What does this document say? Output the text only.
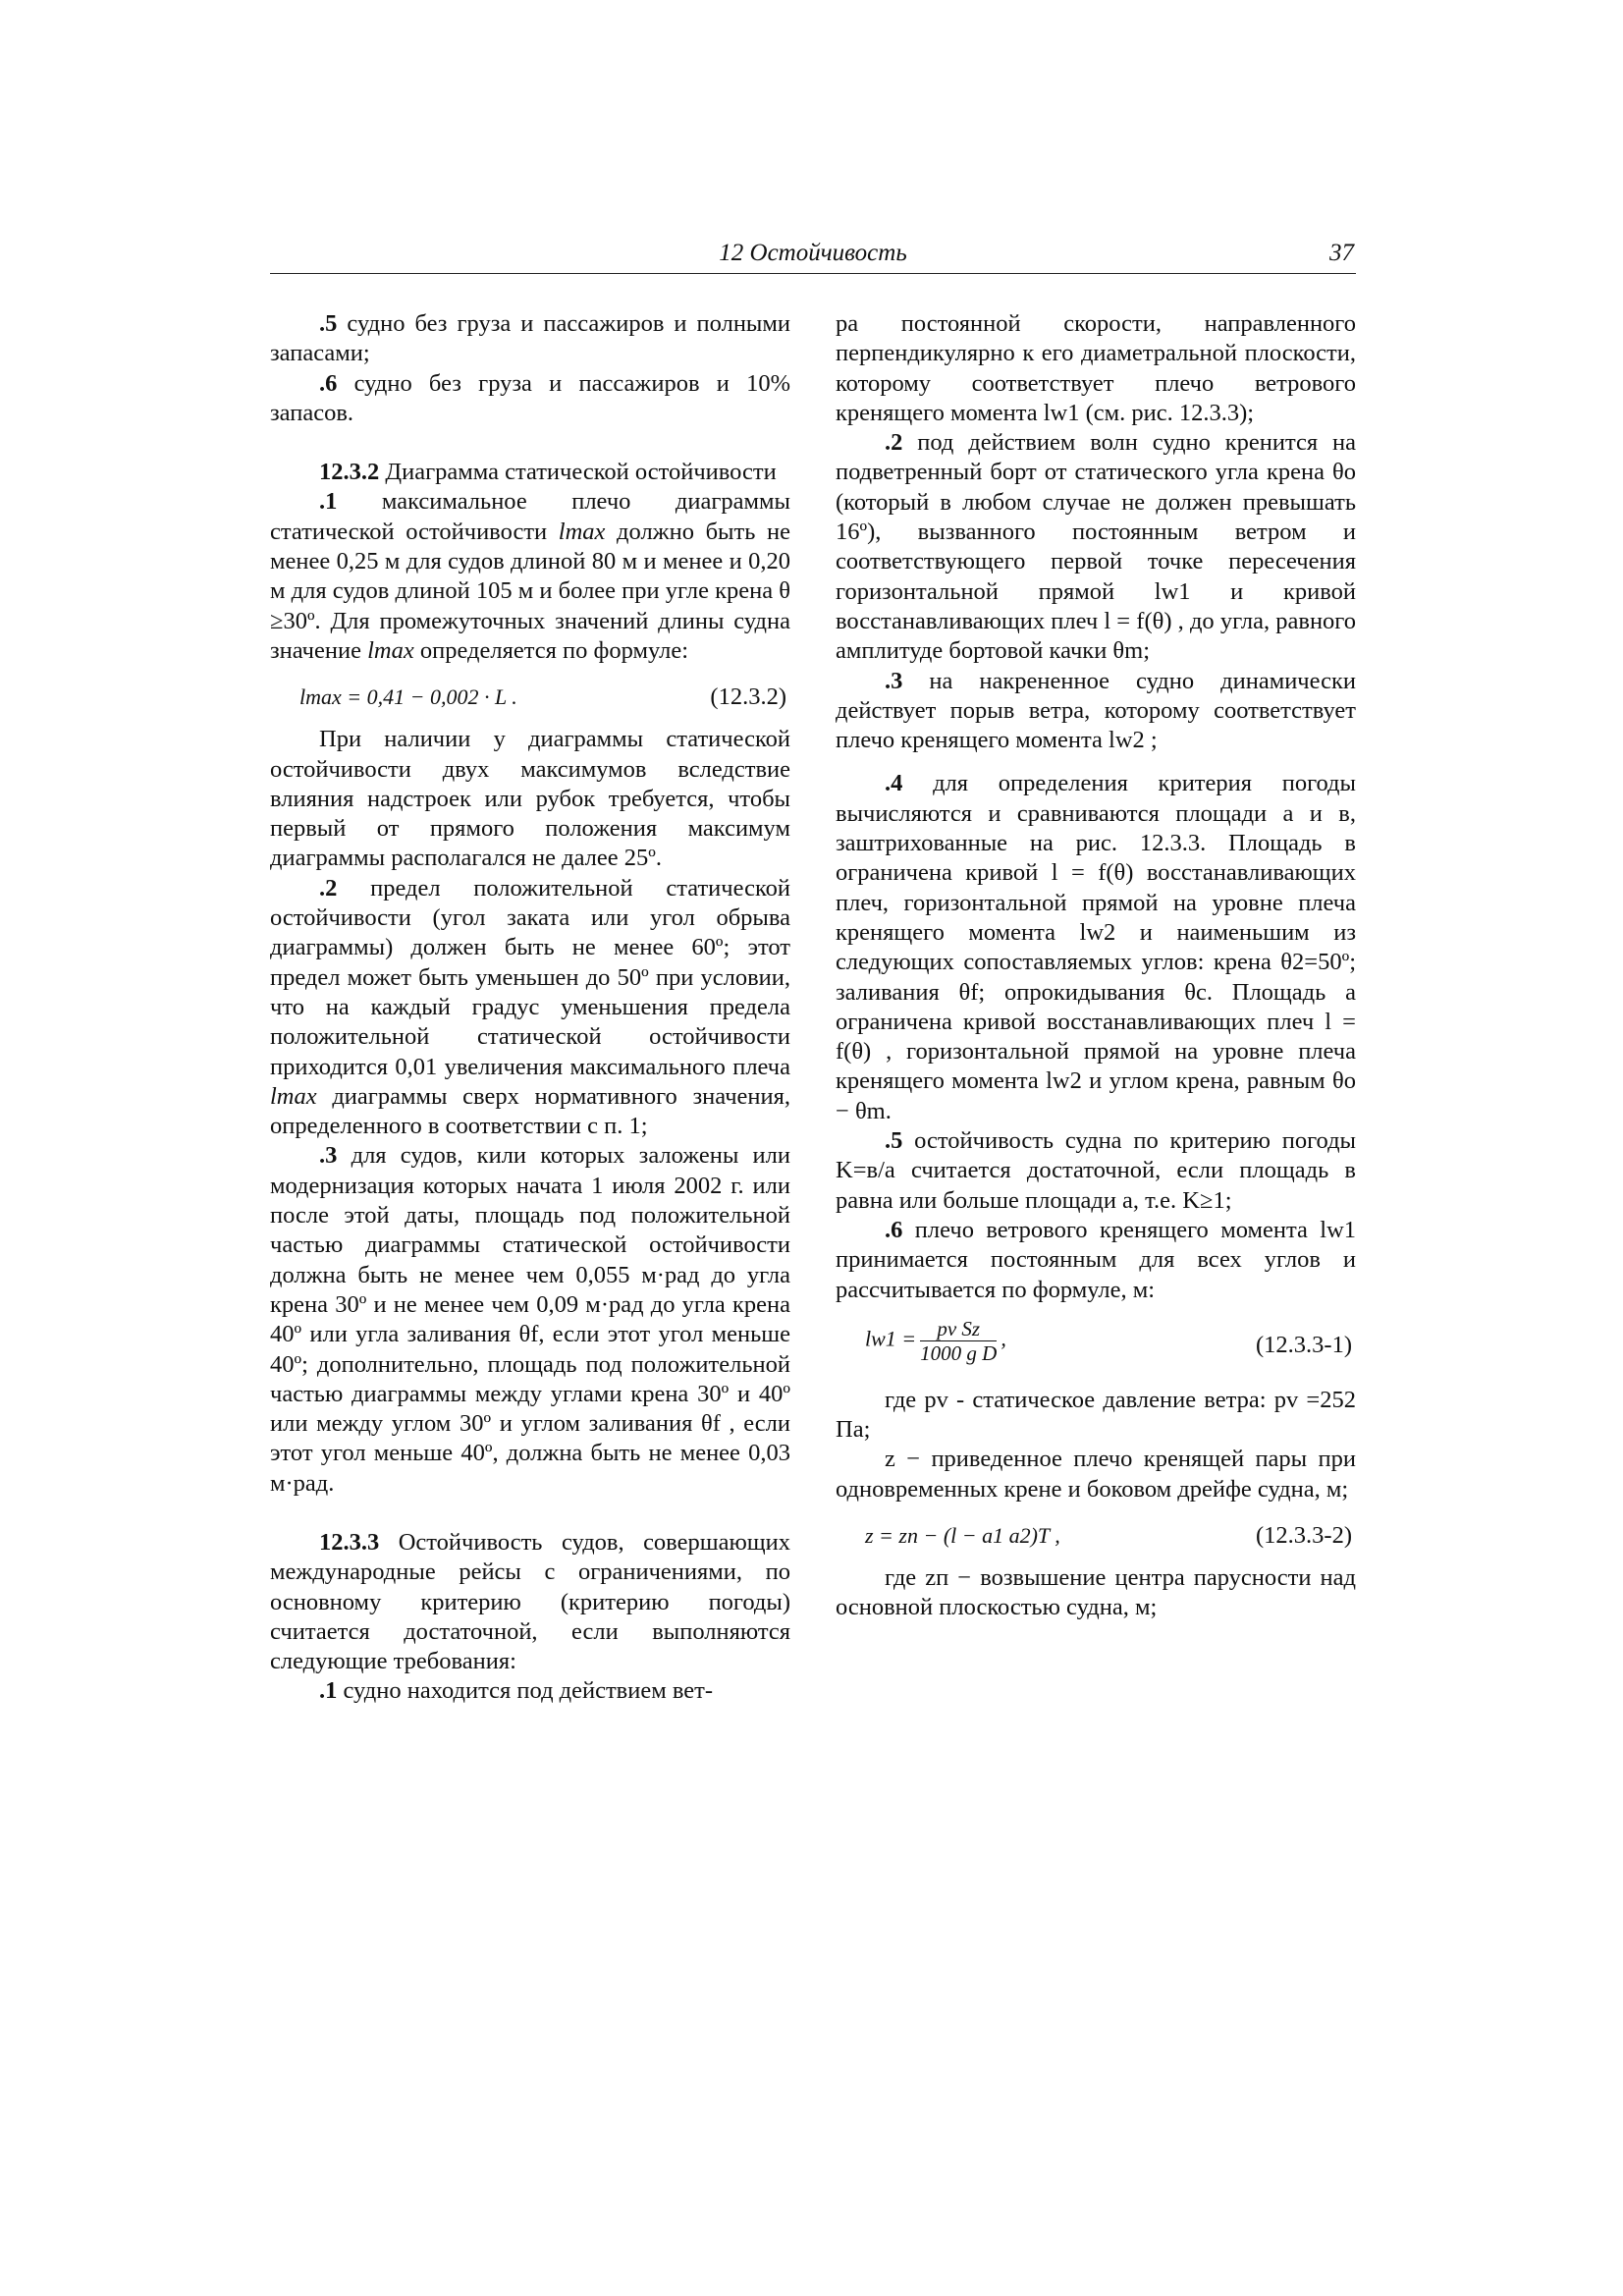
12 Остойчивость	37

.5 судно без груза и пассажиров и полными запасами;

.6 судно без груза и пассажиров и 10% запасов.

12.3.2 Диаграмма статической остойчивости

.1 максимальное плечо диаграммы статической остойчивости lmax должно быть не менее 0,25 м для судов длиной 80 м и менее и 0,20 м для судов длиной 105 м и более при угле крена θ ≥30º. Для промежуточных значений длины судна значение lmax определяется по формуле:

lmax = 0,41 − 0,002 · L .	(12.3.2)

При наличии у диаграммы статической остойчивости двух максимумов вследствие влияния надстроек или рубок требуется, чтобы первый от прямого положения максимум диаграммы располагался не далее 25º.

.2 предел положительной статической остойчивости (угол заката или угол обрыва диаграммы) должен быть не менее 60º; этот предел может быть уменьшен до 50º при условии, что на каждый градус уменьшения предела положительной статической остойчивости приходится 0,01 увеличения максимального плеча lmax диаграммы сверх нормативного значения, определенного в соответствии с п. 1;

.3 для судов, кили которых заложены или модернизация которых начата 1 июля 2002 г. или после этой даты, площадь под положительной частью диаграммы статической остойчивости должна быть не менее чем 0,055 м·рад до угла крена 30º и не менее чем 0,09 м·рад до угла крена 40º или угла заливания θf, если этот угол меньше 40º; дополнительно, площадь под положительной частью диаграммы между углами крена 30º и 40º или между углом 30º и углом заливания θf , если этот угол меньше 40º, должна быть не менее 0,03 м·рад.

12.3.3 Остойчивость судов, совершающих международные рейсы с ограничениями, по основному критерию (критерию погоды) считается достаточной, если выполняются следующие требования:

.1 судно находится под действием вет-

ра постоянной скорости, направленного перпендикулярно к его диаметральной плоскости, которому соответствует плечо ветрового кренящего момента lw1 (см. рис. 12.3.3);

.2 под действием волн судно кренится на подветренный борт от статического угла крена θо (который в любом случае не должен превышать 16º), вызванного постоянным ветром и соответствующего первой точке пересечения горизонтальной прямой lw1 и кривой восстанавливающих плеч l = f(θ) , до угла, равного амплитуде бортовой качки θm;

.3 на накрененное судно динамически действует порыв ветра, которому соответствует плечо кренящего момента lw2 ;

.4 для определения критерия погоды вычисляются и сравниваются площади а и в, заштрихованные на рис. 12.3.3. Площадь в ограничена кривой l = f(θ) восстанавливающих плеч, горизонтальной прямой на уровне плеча кренящего момента lw2 и наименьшим из следующих сопоставляемых углов: крена θ2=50º; заливания θf; опрокидывания θc. Площадь а ограничена кривой восстанавливающих плеч l = f(θ) , горизонтальной прямой на уровне плеча кренящего момента lw2 и углом крена, равным θо − θm.

.5 остойчивость судна по критерию погоды K=в/а считается достаточной, если площадь в равна или больше площади а, т.е. K≥1;

.6 плечо ветрового кренящего момента lw1 принимается постоянным для всех углов и рассчитывается по формуле, м:

$lw1 = \frac{\text{pv Sz}}{\text{1000 g D}}$ ,	(12.3.3-1)

где pv - статическое давление ветра: pv =252 Па;

z − приведенное плечо кренящей пары при одновременных крене и боковом дрейфе судна, м;

z = zn − (l − a1 a2)T ,	(12.3.3-2)

где zп − возвышение центра парусности над основной плоскостью судна, м;
